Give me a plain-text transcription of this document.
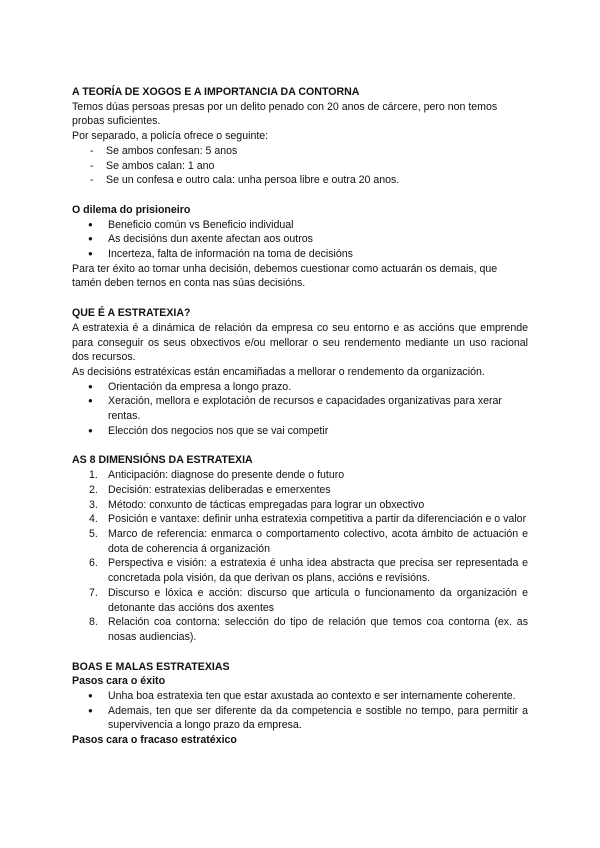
A TEORÍA DE XOGOS E A IMPORTANCIA DA CONTORNA

Temos dúas persoas presas por un delito penado con 20 anos de cárcere, pero non temos probas suficientes.

Por separado, a policía ofrece o seguinte:

- Se ambos confesan: 5 anos
- Se ambos calan: 1 ano
- Se un confesa e outro cala: unha persoa libre e outra 20 anos.

O dilema do prisioneiro

● Beneficio común vs Beneficio individual
● As decisións dun axente afectan aos outros
● Incerteza, falta de información na toma de decisións

Para ter éxito ao tomar unha decisión, debemos cuestionar como actuarán os demais, que tamén deben ternos en conta nas súas decisións.

QUE É A ESTRATEXIA?

A estratexia é a dinámica de relación da empresa co seu entorno e as accións que emprende para conseguir os seus obxectivos e/ou mellorar o seu rendemento mediante un uso racional dos recursos.

As decisións estratéxicas están encamiñadas a mellorar o rendemento da organización.

● Orientación da empresa a longo prazo.
● Xeración, mellora e explotación de recursos e capacidades organizativas para xerar rentas.
● Elección dos negocios nos que se vai competir

AS 8 DIMENSIÓNS DA ESTRATEXIA

1. Anticipación: diagnose do presente dende o futuro
2. Decisión: estratexias deliberadas e emerxentes
3. Método: conxunto de tácticas empregadas para lograr un obxectivo
4. Posición e vantaxe: definir unha estratexia competitiva a partir da diferenciación e o valor
5. Marco de referencia: enmarca o comportamento colectivo, acota ámbito de actuación e dota de coherencia á organización
6. Perspectiva e visión: a estratexia é unha idea abstracta que precisa ser representada e concretada pola visión, da que derivan os plans, accións e revisións.
7. Discurso e lóxica e acción: discurso que articula o funcionamento da organización e detonante das accións dos axentes
8. Relación coa contorna: selección do tipo de relación que temos coa contorna (ex. as nosas audiencias).

BOAS E MALAS ESTRATEXIAS

Pasos cara o éxito

● Unha boa estratexia ten que estar axustada ao contexto e ser internamente coherente.
● Ademais, ten que ser diferente da da competencia e sostible no tempo, para permitir a supervivencia a longo prazo da empresa.

Pasos cara o fracaso estratéxico
